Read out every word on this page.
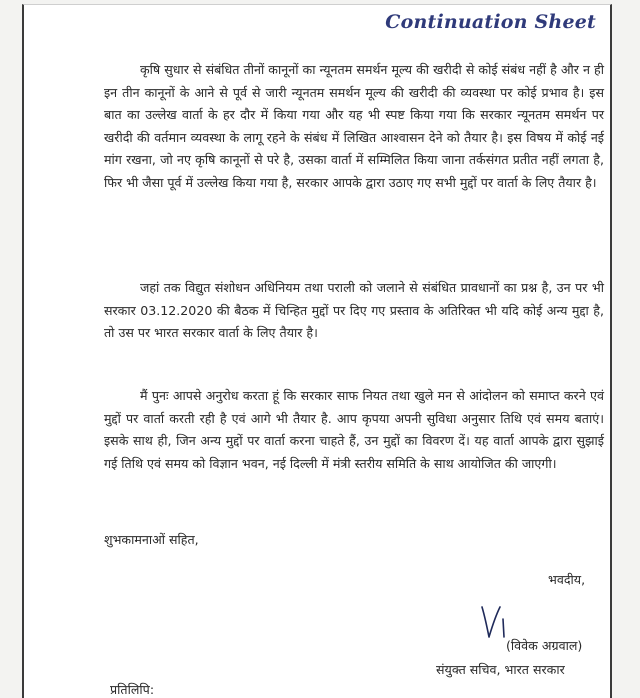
Continuation Sheet
कृषि सुधार से संबंधित तीनों कानूनों का न्यूनतम समर्थन मूल्य की खरीदी से कोई संबंध नहीं है और न ही इन तीन कानूनों के आने से पूर्व से जारी न्यूनतम समर्थन मूल्य की खरीदी की व्यवस्था पर कोई प्रभाव है। इस बात का उल्लेख वार्ता के हर दौर में किया गया और यह भी स्पष्ट किया गया कि सरकार न्यूनतम समर्थन पर खरीदी की वर्तमान व्यवस्था के लागू रहने के संबंध में लिखित आश्वासन देने को तैयार है। इस विषय में कोई नई मांग रखना, जो नए कृषि कानूनों से परे है, उसका वार्ता में सम्मिलित किया जाना तर्कसंगत प्रतीत नहीं लगता है, फिर भी जैसा पूर्व में उल्लेख किया गया है, सरकार आपके द्वारा उठाए गए सभी मुद्दों पर वार्ता के लिए तैयार है।
जहां तक विद्युत संशोधन अधिनियम तथा पराली को जलाने से संबंधित प्रावधानों का प्रश्न है, उन पर भी सरकार 03.12.2020 की बैठक में चिन्हित मुद्दों पर दिए गए प्रस्ताव के अतिरिक्त भी यदि कोई अन्य मुद्दा है, तो उस पर भारत सरकार वार्ता के लिए तैयार है।
मैं पुनः आपसे अनुरोध करता हूं कि सरकार साफ नियत तथा खुले मन से आंदोलन को समाप्त करने एवं मुद्दों पर वार्ता करती रही है एवं आगे भी तैयार है. आप कृपया अपनी सुविधा अनुसार तिथि एवं समय बताएं। इसके साथ ही, जिन अन्य मुद्दों पर वार्ता करना चाहते हैं, उन मुद्दों का विवरण दें। यह वार्ता आपके द्वारा सुझाई गई तिथि एवं समय को विज्ञान भवन, नई दिल्ली में मंत्री स्तरीय समिति के साथ आयोजित की जाएगी।
शुभकामनाओं सहित,
भवदीय,
(विवेक अग्रवाल)
संयुक्त सचिव, भारत सरकार
प्रतिलिपि:
